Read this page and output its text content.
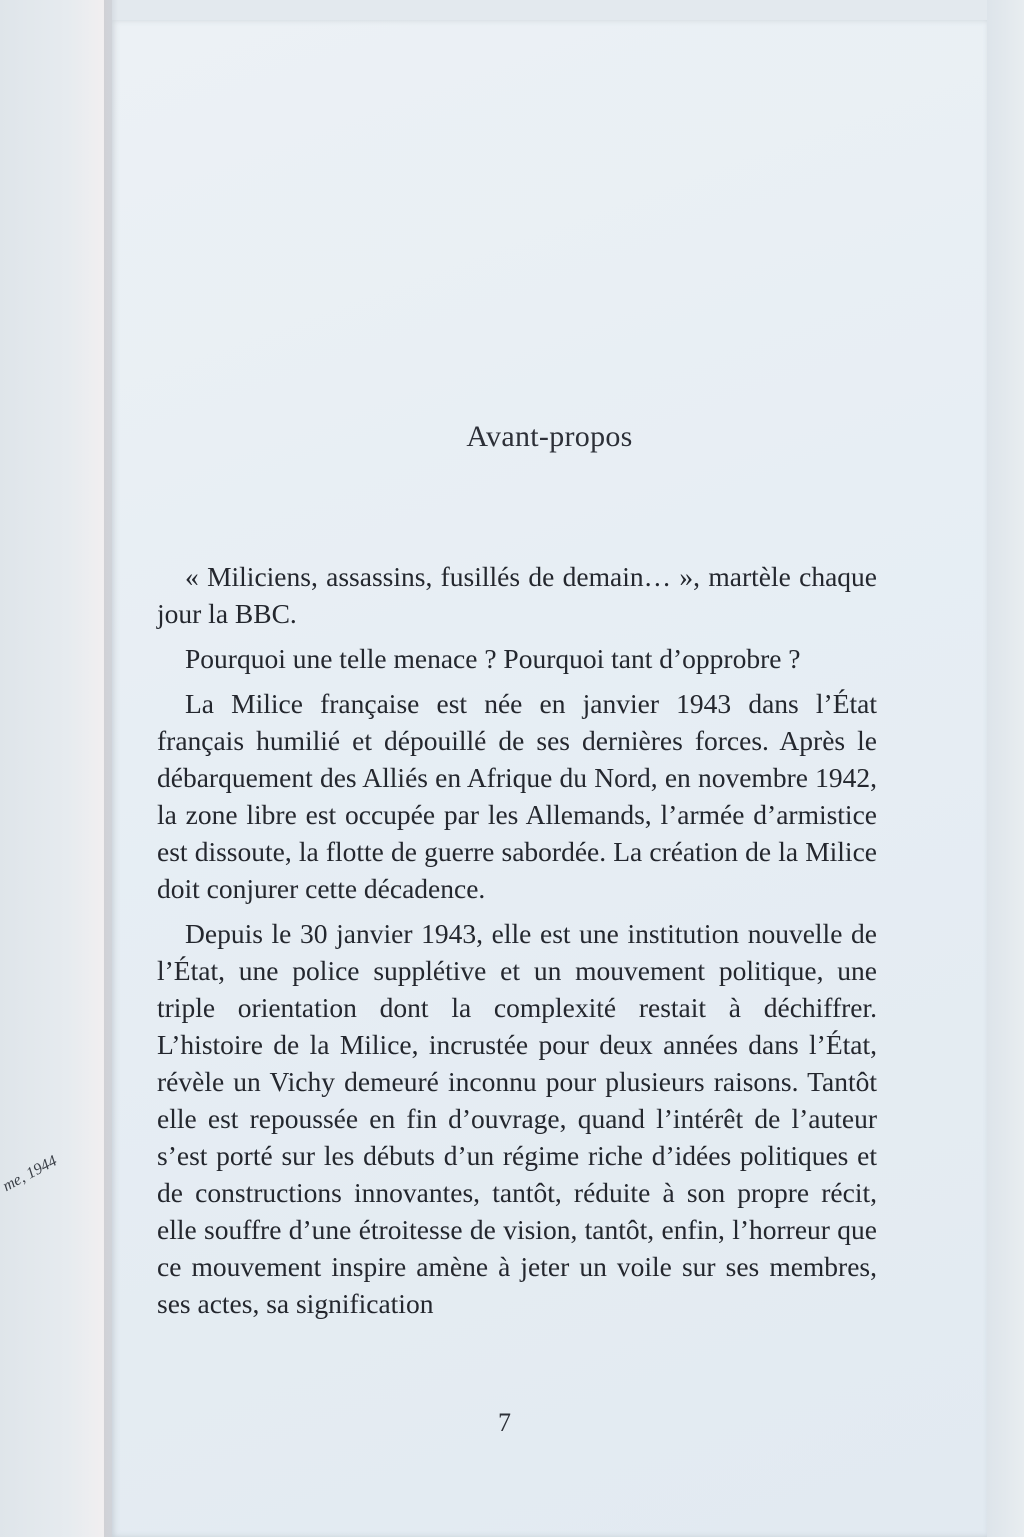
me, 1944
Avant-propos

« Miliciens, assassins, fusillés de demain… », martèle chaque jour la BBC.

Pourquoi une telle menace ? Pourquoi tant d’opprobre ?

La Milice française est née en janvier 1943 dans l’État français humilié et dépouillé de ses dernières forces. Après le débarquement des Alliés en Afrique du Nord, en novembre 1942, la zone libre est occupée par les Allemands, l’armée d’armistice est dissoute, la flotte de guerre sabordée. La création de la Milice doit conjurer cette décadence.

Depuis le 30 janvier 1943, elle est une institution nouvelle de l’État, une police supplétive et un mouvement politique, une triple orientation dont la complexité restait à déchiffrer. L’histoire de la Milice, incrustée pour deux années dans l’État, révèle un Vichy demeuré inconnu pour plusieurs raisons. Tantôt elle est repoussée en fin d’ouvrage, quand l’intérêt de l’auteur s’est porté sur les débuts d’un régime riche d’idées politiques et de constructions innovantes, tantôt, réduite à son propre récit, elle souffre d’une étroitesse de vision, tantôt, enfin, l’horreur que ce mouvement inspire amène à jeter un voile sur ses membres, ses actes, sa signification

7
